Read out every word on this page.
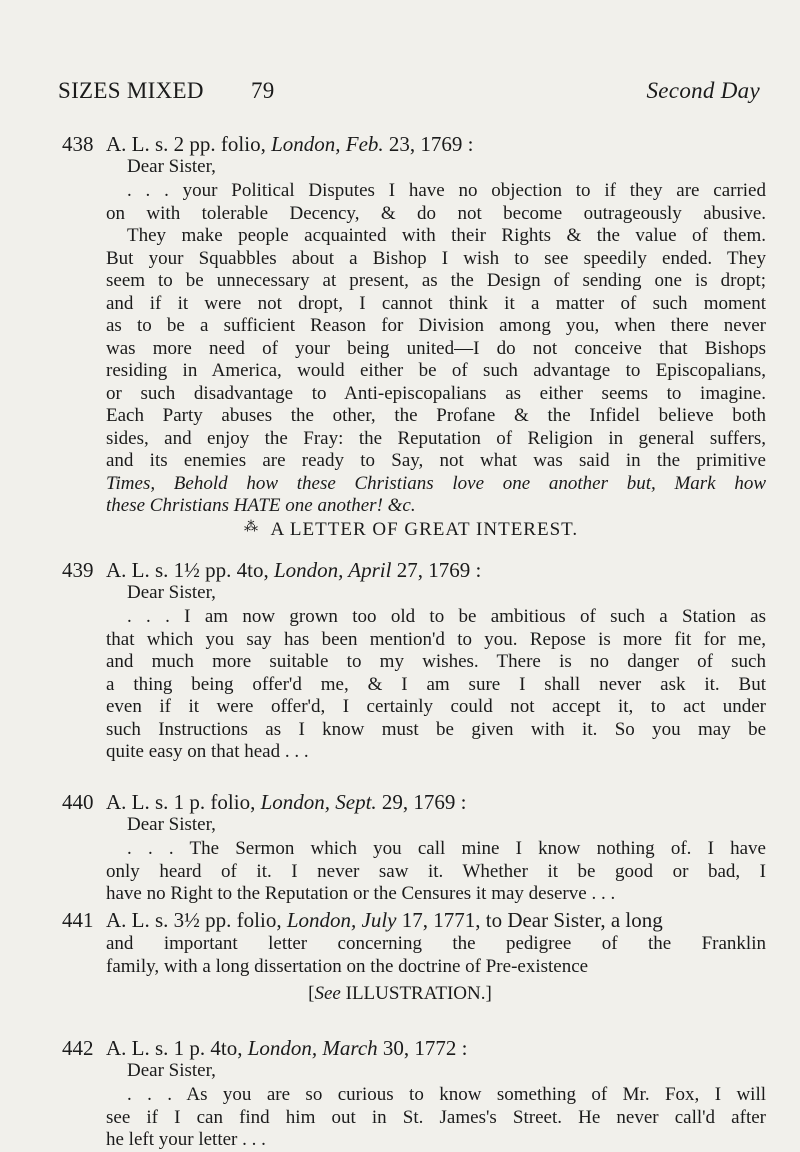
SIZES MIXED 79	Second Day
438 A. L. s. 2 pp. folio, London, Feb. 23, 1769 :
Dear Sister,
. . . your Political Disputes I have no objection to if they are carried
on with tolerable Decency, & do not become outrageously abusive.
They make people acquainted with their Rights & the value of them.
But your Squabbles about a Bishop I wish to see speedily ended. They
seem to be unnecessary at present, as the Design of sending one is dropt;
and if it were not dropt, I cannot think it a matter of such moment
as to be a sufficient Reason for Division among you, when there never
was more need of your being united—I do not conceive that Bishops
residing in America, would either be of such advantage to Episcopalians,
or such disadvantage to Anti-episcopalians as either seems to imagine.
Each Party abuses the other, the Profane & the Infidel believe both
sides, and enjoy the Fray: the Reputation of Religion in general suffers,
and its enemies are ready to Say, not what was said in the primitive
Times, Behold how these Christians love one another but, Mark how
these Christians HATE one another! &c.
⁂ A LETTER OF GREAT INTEREST.
439 A. L. s. 1½ pp. 4to, London, April 27, 1769 :
Dear Sister,
. . . I am now grown too old to be ambitious of such a Station as
that which you say has been mention'd to you. Repose is more fit for me,
and much more suitable to my wishes. There is no danger of such
a thing being offer'd me, & I am sure I shall never ask it. But
even if it were offer'd, I certainly could not accept it, to act under
such Instructions as I know must be given with it. So you may be
quite easy on that head . . .
440 A. L. s. 1 p. folio, London, Sept. 29, 1769 :
Dear Sister,
. . . The Sermon which you call mine I know nothing of. I have
only heard of it. I never saw it. Whether it be good or bad, I
have no Right to the Reputation or the Censures it may deserve . . .
441 A. L. s. 3½ pp. folio, London, July 17, 1771, to Dear Sister, a long
and important letter concerning the pedigree of the Franklin
family, with a long dissertation on the doctrine of Pre-existence
[See ILLUSTRATION.]
442 A. L. s. 1 p. 4to, London, March 30, 1772 :
Dear Sister,
. . . As you are so curious to know something of Mr. Fox, I will
see if I can find him out in St. James's Street. He never call'd after
he left your letter . . .
